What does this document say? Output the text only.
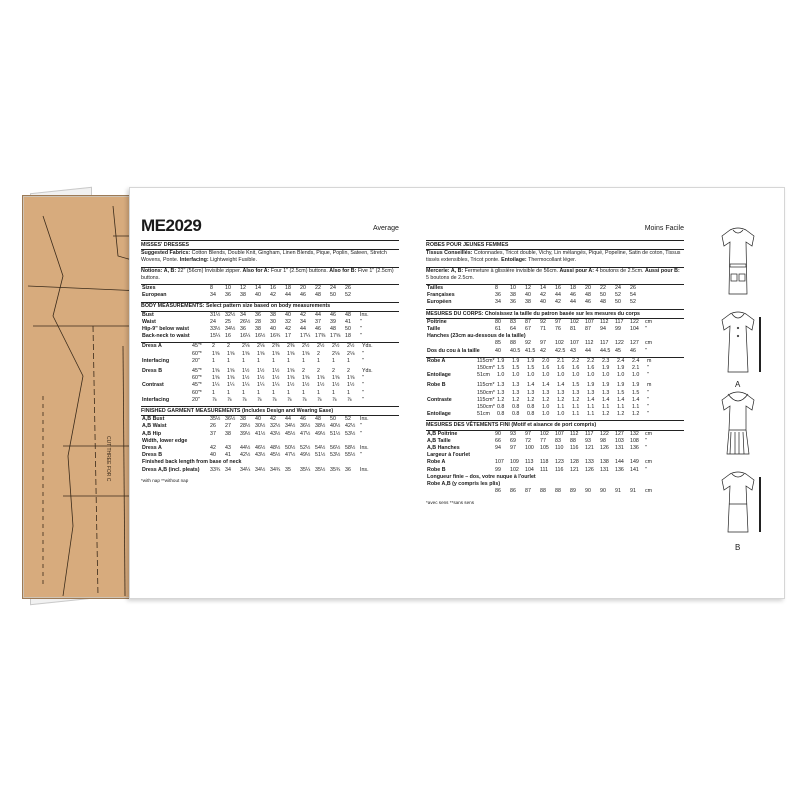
CUT THREE FOR C
ME2029	Average	Moins Facile
MISSES' DRESSES

Suggested Fabrics: Cotton Blends, Double Knit, Gingham, Linen Blends, Pique, Poplin, Sateen, Stretch Wovens, Ponte. Interfacing: Lightweight Fusible.

Notions: A, B: 22" (56cm) Invisible zipper. Also for A: Four 1" (2.5cm) buttons. Also for B: Five 1" (2.5cm) buttons.

Sizes	8	10	12	14	16	18	20	22	24	26
European	34	36	38	40	42	44	46	48	50	52

BODY MEASUREMENTS: Select pattern size based on body measurements

Bust	31½	32½	34	36	38	40	42	44	46	48	Ins.
Waist	24	25	26½	28	30	32	34	37	39	41	"
Hip-9" below waist	33½	34½	36	38	40	42	44	46	48	50	"
Back-neck to waist	15¼	16	16¼	16½	16¾	17	17¼	17⅜	17⅝	18	"
Dress A	45"*	2	2	2⅛	2⅛	2⅜	2⅜	2½	2½	2½	2½	Yds.
	60"*	1⅝	1⅝	1⅝	1⅝	1⅝	1⅝	1⅝	2	2⅛	2⅛	"
Interfacing	20"	1	1	1	1	1	1	1	1	1	1	"

Dress B	45"*	1⅝	1⅝	1½	1½	1½	1⅝	2	2	2	2	Yds.
	60"*	1⅝	1⅝	1½	1½	1½	1⅝	1⅝	1⅝	1⅝	1⅝	"
Contrast	45"*	1¼	1¼	1¼	1¼	1¼	1½	1½	1½	1½	1½	"
	60"*	1	1	1	1	1	1	1	1	1	1	"
Interfacing	20"	⅞	⅞	⅞	⅞	⅞	⅞	⅞	⅞	⅞	⅞	"
FINISHED GARMENT MEASUREMENTS (Includes Design and Wearing Ease)
A,B Bust	35½	36½	38	40	42	44	46	48	50	52	Ins.
A,B Waist	26	27	28½	30½	32½	34½	36½	38½	40½	42½	"
A,B Hip	37	38	39½	41½	43½	45½	47½	49½	51½	53½	"
Width, lower edge											
Dress A	42	43	44½	46½	48½	50½	52½	54½	56½	58½	Ins.
Dress B	40	41	42½	43½	45½	47½	49½	51½	53½	55½	"
Finished back length from base of neck											
Dress A,B (incl. pleats)	33¾	34	34¼	34½	34¾	35	35¼	35½	35¾	36	Ins.
*with nap **without nap
ROBES POUR JEUNES FEMMES

Tissus Conseillés: Cotonnades, Tricot double, Vichy, Lin mélangés, Piqué, Popeline, Satin de coton, Tissus tissés extensibles, Tricot ponte. Entoilage: Thermocollant léger.

Mercerie: A, B: Fermeture à glissière invisible de 56cm. Aussi pour A: 4 boutons de 2.5cm. Aussi pour B: 5 boutons de 2.5cm.

Tailles	8	10	12	14	16	18	20	22	24	26
Françaises	36	38	40	42	44	46	48	50	52	54
Européen	34	36	38	40	42	44	46	48	50	52
MESURES DU CORPS: Choisissez la taille du patron basée sur les mesures du corps
Poitrine	80	83	87	92	97	102	107	112	117	122	cm
Taille	61	64	67	71	76	81	87	94	99	104	"
Hanches (23cm au-dessous de la taille)											
	85	88	92	97	102	107	112	117	122	127	cm
Dos du cou à la taille	40	40.5	41.5	42	42.5	43	44	44.5	45	46	"
Robe A	115cm*	1.9	1.9	1.9	2.0	2.1	2.2	2.2	2.3	2.4	2.4	m
	150cm*	1.5	1.5	1.5	1.6	1.6	1.6	1.6	1.9	1.9	2.1	"
Entoilage	51cm	1.0	1.0	1.0	1.0	1.0	1.0	1.0	1.0	1.0	1.0	"

Robe B	115cm*	1.3	1.3	1.4	1.4	1.4	1.5	1.9	1.9	1.9	1.9	m
	150cm*	1.3	1.3	1.3	1.3	1.3	1.3	1.3	1.3	1.5	1.5	"
Contraste	115cm*	1.2	1.2	1.2	1.2	1.2	1.2	1.4	1.4	1.4	1.4	"
	150cm*	0.8	0.8	0.8	1.0	1.1	1.1	1.1	1.1	1.1	1.1	"
Entoilage	51cm	0.8	0.8	0.8	1.0	1.0	1.1	1.1	1.2	1.2	1.2	"
MESURES DES VÊTEMENTS FINI (Motif et aisance de port compris)
A,B Poitrine	90	93	97	102	107	112	117	122	127	132	cm
A,B Taille	66	69	72	77	83	88	93	98	103	108	"
A,B Hanches	94	97	100	105	110	116	121	126	131	136	"
Largeur à l'ourlet											
Robe A	107	109	113	118	123	128	133	138	144	149	cm
Robe B	99	102	104	111	116	121	126	131	136	141	"
Longueur finie – dos, votre nuque à l'ourlet											
Robe A,B (y compris les plis)											
	86	86	87	88	88	89	90	90	91	91	cm
*avec sens **sans sens
A
B
